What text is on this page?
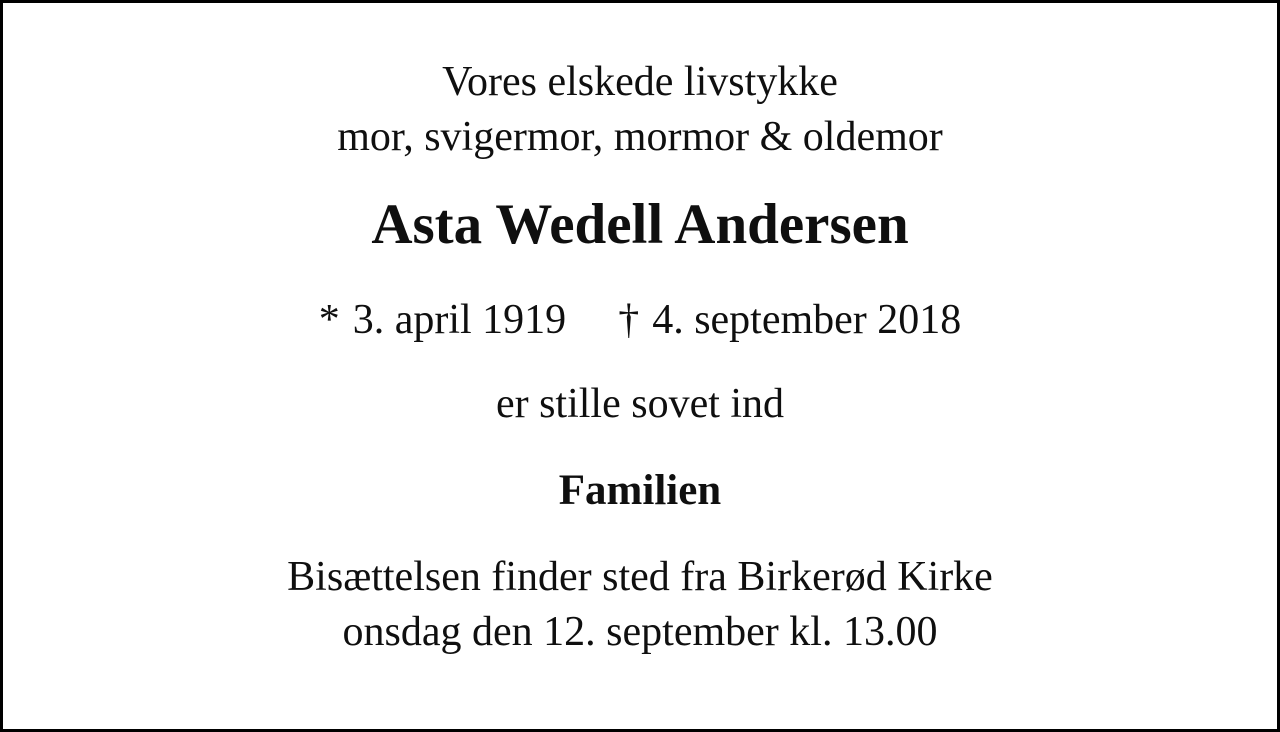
Vores elskede livstykke
mor, svigermor, mormor & oldemor
Asta Wedell Andersen
* 3. april 1919 † 4. september 2018
er stille sovet ind
Familien
Bisættelsen finder sted fra Birkerød Kirke
onsdag den 12. september kl. 13.00
